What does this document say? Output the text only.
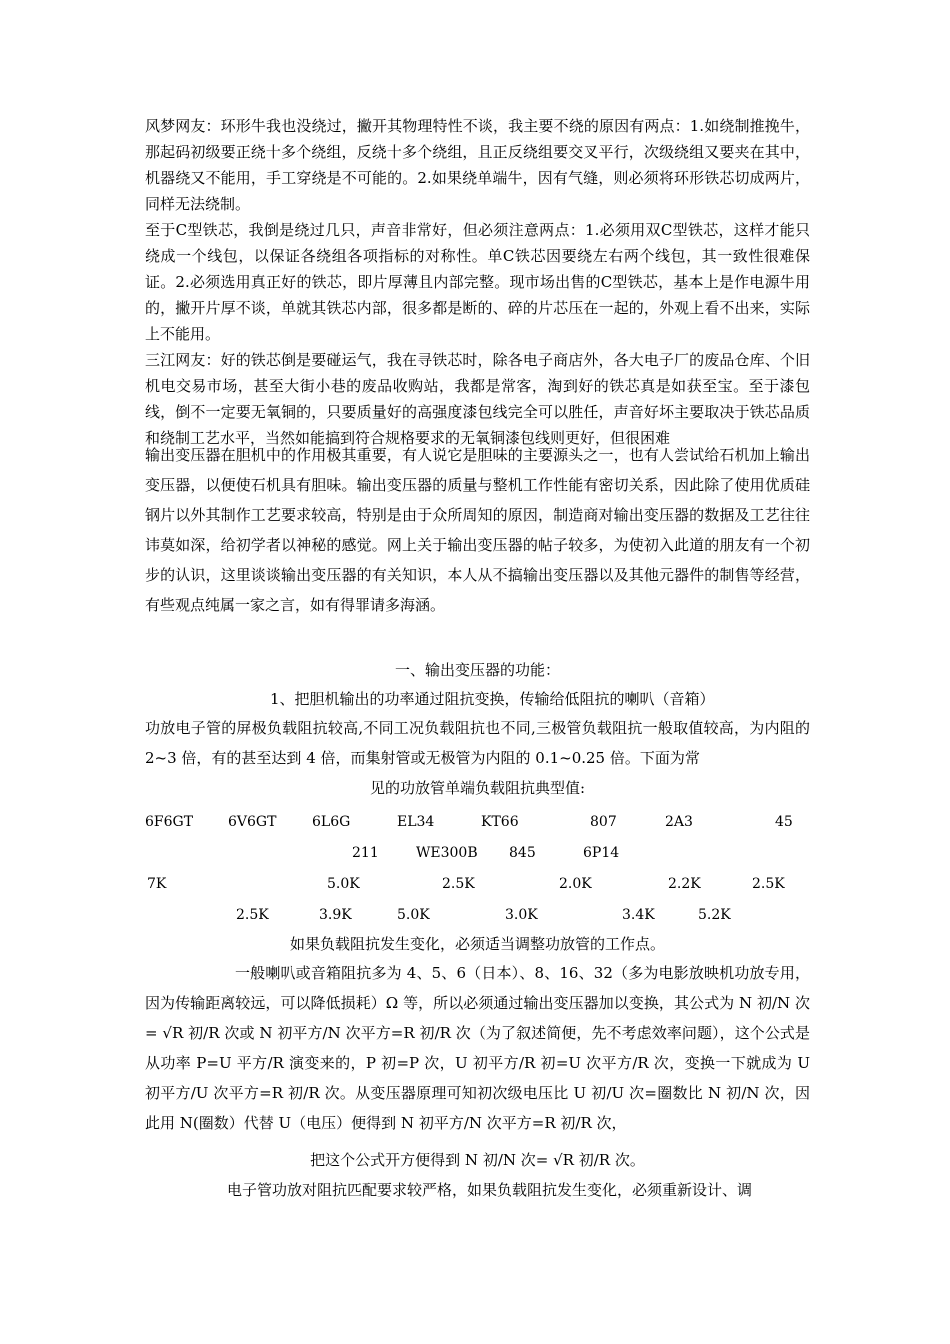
风梦网友：环形牛我也没绕过，撇开其物理特性不谈，我主要不绕的原因有两点：1.如绕制推挽牛，那起码初级要正绕十多个绕组，反绕十多个绕组，且正反绕组要交叉平行，次级绕组又要夹在其中，机器绕又不能用，手工穿绕是不可能的。2.如果绕单端牛，因有气缝，则必须将环形铁芯切成两片，同样无法绕制。

至于C型铁芯，我倒是绕过几只，声音非常好，但必须注意两点：1.必须用双C型铁芯，这样才能只绕成一个线包，以保证各绕组各项指标的对称性。单C铁芯因要绕左右两个线包，其一致性很难保证。2.必须选用真正好的铁芯，即片厚薄且内部完整。现市场出售的C型铁芯，基本上是作电源牛用的，撇开片厚不谈，单就其铁芯内部，很多都是断的、碎的片芯压在一起的，外观上看不出来，实际上不能用。

三江网友：好的铁芯倒是要碰运气，我在寻铁芯时，除各电子商店外，各大电子厂的废品仓库、个旧机电交易市场，甚至大街小巷的废品收购站，我都是常客，淘到好的铁芯真是如获至宝。至于漆包线，倒不一定要无氧铜的，只要质量好的高强度漆包线完全可以胜任，声音好坏主要取决于铁芯品质和绕制工艺水平，当然如能搞到符合规格要求的无氧铜漆包线则更好，但很困难

输出变压器在胆机中的作用极其重要，有人说它是胆味的主要源头之一，也有人尝试给石机加上输出变压器，以便使石机具有胆味。输出变压器的质量与整机工作性能有密切关系，因此除了使用优质硅钢片以外其制作工艺要求较高，特别是由于众所周知的原因，制造商对输出变压器的数据及工艺往往讳莫如深，给初学者以神秘的感觉。网上关于输出变压器的帖子较多，为使初入此道的朋友有一个初步的认识，这里谈谈输出变压器的有关知识，本人从不搞输出变压器以及其他元器件的制售等经营，有些观点纯属一家之言，如有得罪请多海涵。

一、输出变压器的功能：

1、把胆机输出的功率通过阻抗变换，传输给低阻抗的喇叭（音箱）

功放电子管的屏极负载阻抗较高,不同工况负载阻抗也不同,三极管负载阻抗一般取值较高，为内阻的 2~3 倍，有的甚至达到 4 倍，而集射管或无极管为内阻的 0.1~0.25 倍。下面为常

见的功放管单端负载阻抗典型值:

6F6GT 6V6GT	6L6G	EL34	KT66	807	2A3	45
211	WE300B 845	6P14
7K	5.0K	2.5K	2.0K	2.2K	2.5K
2.5K	3.9K	5.0K	3.0K	3.4K	5.2K

如果负载阻抗发生变化，必须适当调整功放管的工作点。

一般喇叭或音箱阻抗多为 4、5、6（日本）、8、16、32（多为电影放映机功放专用，因为传输距离较远，可以降低损耗）Ω 等，所以必须通过输出变压器加以变换，其公式为 N 初/N 次= √R 初/R 次或 N 初平方/N 次平方=R 初/R 次（为了叙述简便，先不考虑效率问题），这个公式是从功率 P=U 平方/R 演变来的，P 初=P 次，U 初平方/R 初=U 次平方/R 次，变换一下就成为 U 初平方/U 次平方=R 初/R 次。从变压器原理可知初次级电压比 U 初/U 次=圈数比 N 初/N 次，因此用 N(圈数）代替 U（电压）便得到 N 初平方/N 次平方=R 初/R 次，

把这个公式开方便得到 N 初/N 次= √R 初/R 次。

电子管功放对阻抗匹配要求较严格，如果负载阻抗发生变化，必须重新设计、调
